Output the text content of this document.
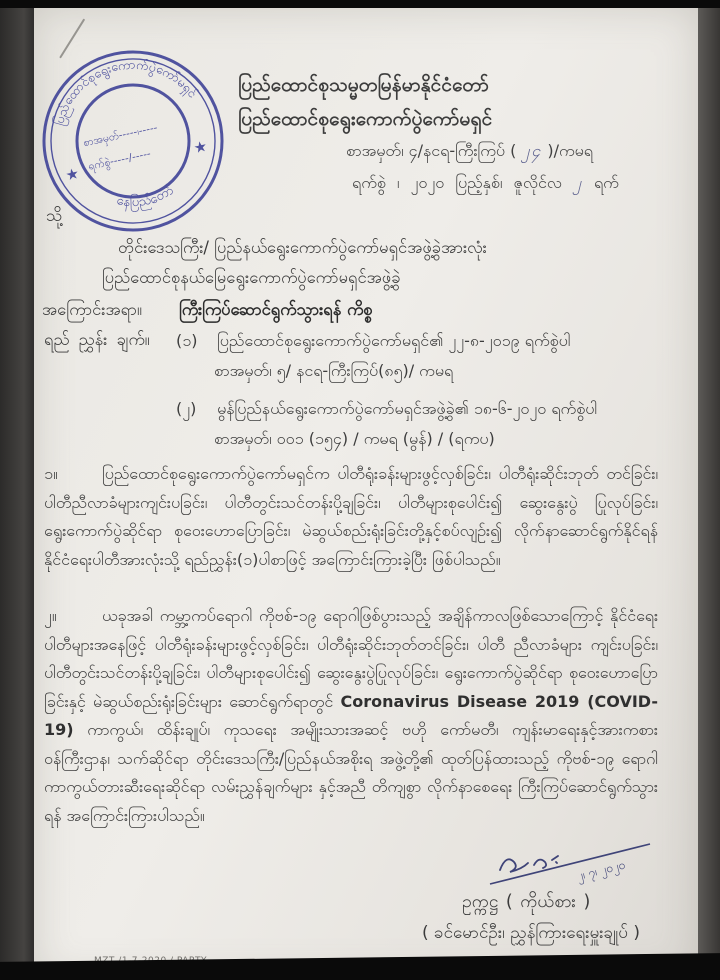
ပြည်ထောင်စုရွေးကောက်ပွဲကော်မရှင်
နေပြည်တော်
★
★
စာအမှတ်-----၊-----
ရက်စွဲ-----/-----
ပြည်ထောင်စုသမ္မတမြန်မာနိုင်ငံတော်
ပြည်ထောင်စုရွေးကောက်ပွဲကော်မရှင်
စာအမှတ်၊ ၄/နငရ-ကြီးကြပ် ( ၂၄ )/ကမရ
ရက်စွဲ ၊ ၂၀၂၀ ပြည့်နှစ်၊ ဇူလိုင်လ ၂ ရက်
သို့
တိုင်းဒေသကြီး/ ပြည်နယ်ရွေးကောက်ပွဲကော်မရှင်အဖွဲ့ခွဲအားလုံး
ပြည်ထောင်စုနယ်မြေရွေးကောက်ပွဲကော်မရှင်အဖွဲ့ခွဲ
အကြောင်းအရာ။ ကြီးကြပ်ဆောင်ရွက်သွားရန် ကိစ္စ
ရည် ညွှန်း ချက်။ (၁) ပြည်ထောင်စုရွေးကောက်ပွဲကော်မရှင်၏ ၂၂-၈-၂၀၁၉ ရက်စွဲပါ
စာအမှတ်၊ ၅/ နငရ-ကြီးကြပ်(၈၅)/ ကမရ
(၂) မွန်ပြည်နယ်ရွေးကောက်ပွဲကော်မရှင်အဖွဲ့ခွဲ၏ ၁၈-၆-၂၀၂၀ ရက်စွဲပါ
စာအမှတ်၊ ၀၀၁ (၁၅၄) / ကမရ (မွန်) / (ရကပ)
၁။	ပြည်ထောင်စုရွေးကောက်ပွဲကော်မရှင်က ပါတီရုံးခန်းများဖွင့်လှစ်ခြင်း၊ ပါတီရုံးဆိုင်းဘုတ် တင်ခြင်း၊ ပါတီညီလာခံများကျင်းပခြင်း၊ ပါတီတွင်းသင်တန်းပို့ချခြင်း၊ ပါတီများစုပေါင်း၍ ဆွေးနွေးပွဲ ပြုလုပ်ခြင်း၊ ရွေးကောက်ပွဲဆိုင်ရာ စုဝေးဟောပြောခြင်း၊ မဲဆွယ်စည်းရုံးခြင်းတို့နှင့်စပ်လျဉ်း၍ လိုက်နာဆောင်ရွက်နိုင်ရန် နိုင်ငံရေးပါတီအားလုံးသို့ ရည်ညွှန်း(၁)ပါစာဖြင့် အကြောင်းကြားခဲ့ပြီး ဖြစ်ပါသည်။
၂။	ယခုအခါ ကမ္ဘာ့ကပ်ရောဂါ ကိုဗစ်-၁၉ ရောဂါဖြစ်ပွားသည့် အချိန်ကာလဖြစ်သောကြောင့် နိုင်ငံရေးပါတီများအနေဖြင့် ပါတီရုံးခန်းများဖွင့်လှစ်ခြင်း၊ ပါတီရုံးဆိုင်းဘုတ်တင်ခြင်း၊ ပါတီ ညီလာခံများ ကျင်းပခြင်း၊ ပါတီတွင်းသင်တန်းပို့ချခြင်း၊ ပါတီများစုပေါင်း၍ ဆွေးနွေးပွဲပြုလုပ်ခြင်း၊ ရွေးကောက်ပွဲဆိုင်ရာ စုဝေးဟောပြောခြင်းနှင့် မဲဆွယ်စည်းရုံးခြင်းများ ဆောင်ရွက်ရာတွင် Coronavirus Disease 2019 (COVID-19) ကာကွယ်၊ ထိန်းချုပ်၊ ကုသရေး အမျိုးသားအဆင့် ဗဟို ကော်မတီ၊ ကျန်းမာရေးနှင့်အားကစားဝန်ကြီးဌာန၊ သက်ဆိုင်ရာ တိုင်းဒေသကြီး/ပြည်နယ်အစိုးရ အဖွဲ့တို့၏ ထုတ်ပြန်ထားသည့် ကိုဗစ်-၁၉ ရောဂါကာကွယ်တားဆီးရေးဆိုင်ရာ လမ်းညွှန်ချက်များ နှင့်အညီ တိကျစွာ လိုက်နာစေရေး ကြီးကြပ်ဆောင်ရွက်သွားရန် အကြောင်းကြားပါသည်။
၂၊ ၇၊ ၂၀၂၀
ဥက္ကဋ္ဌ ( ကိုယ်စား )
( ခင်မောင်ဦး၊ ညွှန်ကြားရေးမှူးချုပ် )
